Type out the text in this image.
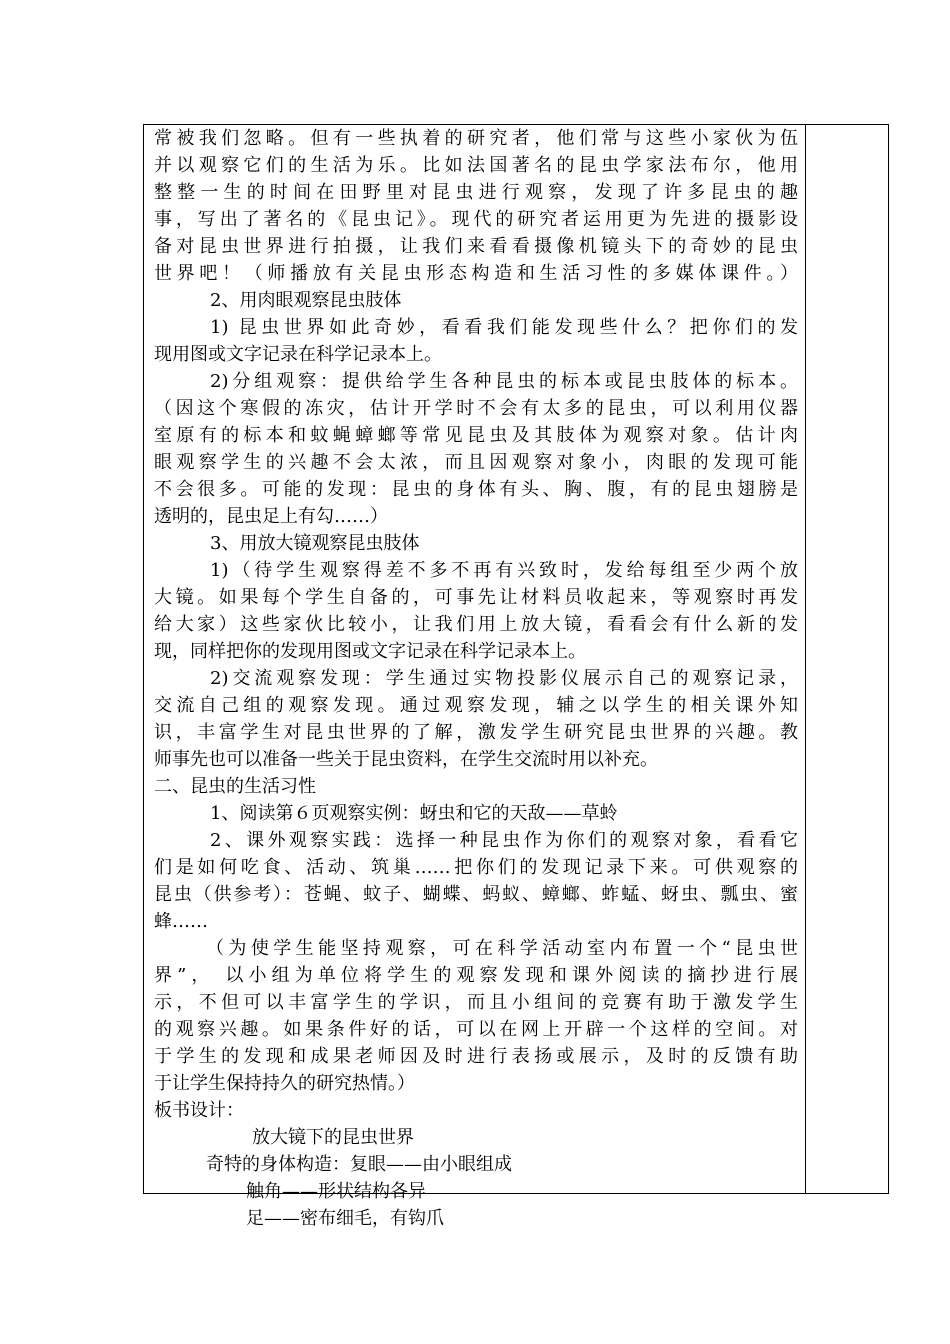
常被我们忽略。但有一些执着的研究者，他们常与这些小家伙为伍
并以观察它们的生活为乐。比如法国著名的昆虫学家法布尔，他用
整整一生的时间在田野里对昆虫进行观察，发现了许多昆虫的趣
事，写出了著名的《昆虫记》。现代的研究者运用更为先进的摄影设
备对昆虫世界进行拍摄，让我们来看看摄像机镜头下的奇妙的昆虫
世界吧！（师播放有关昆虫形态构造和生活习性的多媒体课件。）
2、用肉眼观察昆虫肢体
1) 昆虫世界如此奇妙，看看我们能发现些什么？把你们的发
现用图或文字记录在科学记录本上。
2)分组观察：提供给学生各种昆虫的标本或昆虫肢体的标本。
（因这个寒假的冻灾，估计开学时不会有太多的昆虫，可以利用仪器
室原有的标本和蚊蝇蟑螂等常见昆虫及其肢体为观察对象。估计肉
眼观察学生的兴趣不会太浓，而且因观察对象小，肉眼的发现可能
不会很多。可能的发现：昆虫的身体有头、胸、腹，有的昆虫翅膀是
透明的，昆虫足上有勾……）
3、用放大镜观察昆虫肢体
1)（待学生观察得差不多不再有兴致时，发给每组至少两个放
大镜。如果每个学生自备的，可事先让材料员收起来，等观察时再发
给大家）这些家伙比较小，让我们用上放大镜，看看会有什么新的发
现，同样把你的发现用图或文字记录在科学记录本上。
2)交流观察发现：学生通过实物投影仪展示自己的观察记录，
交流自己组的观察发现。通过观察发现，辅之以学生的相关课外知
识，丰富学生对昆虫世界的了解，激发学生研究昆虫世界的兴趣。教
师事先也可以准备一些关于昆虫资料，在学生交流时用以补充。
二、昆虫的生活习性
1、阅读第６页观察实例：蚜虫和它的天敌——草蛉
2、课外观察实践：选择一种昆虫作为你们的观察对象，看看它
们是如何吃食、活动、筑巢……把你们的发现记录下来。可供观察的
昆虫（供参考）：苍蝇、蚊子、蝴蝶、蚂蚁、蟑螂、蚱蜢、蚜虫、瓢虫、蜜
蜂……
（为使学生能坚持观察，可在科学活动室内布置一个“昆虫世
界”， 以小组为单位将学生的观察发现和课外阅读的摘抄进行展
示，不但可以丰富学生的学识，而且小组间的竞赛有助于激发学生
的观察兴趣。如果条件好的话，可以在网上开辟一个这样的空间。对
于学生的发现和成果老师因及时进行表扬或展示，及时的反馈有助
于让学生保持持久的研究热情。）
板书设计：
放大镜下的昆虫世界
奇特的身体构造：复眼——由小眼组成
触角——形状结构各异
足——密布细毛，有钩爪
